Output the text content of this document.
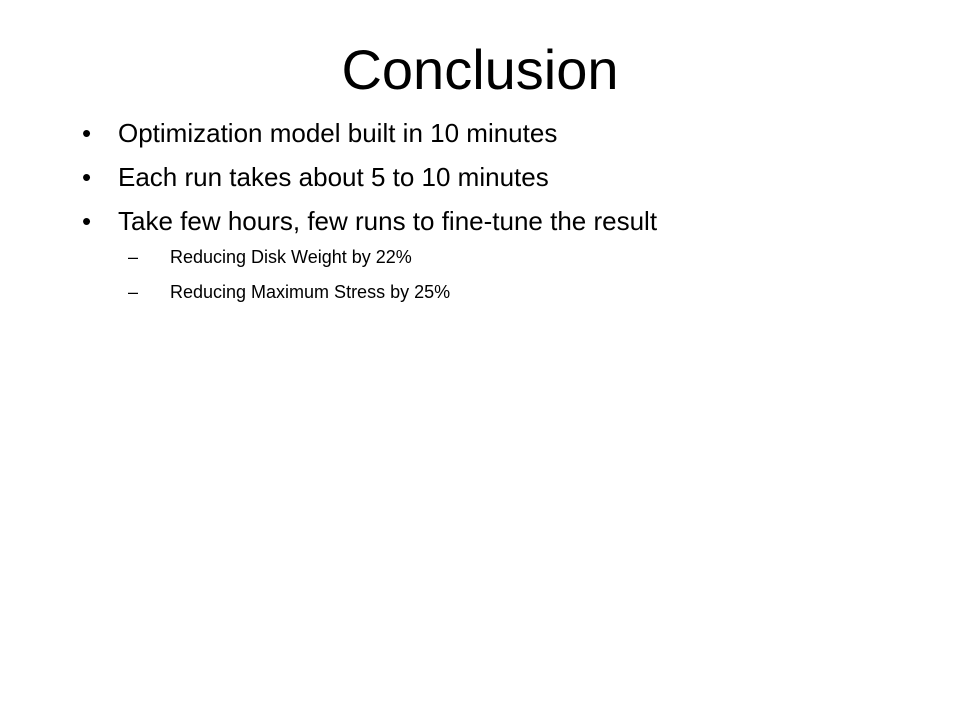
Conclusion
•	Optimization model built in 10 minutes
•	Each run takes about 5 to 10 minutes
•	Take few hours, few runs to fine-tune the result
– Reducing Disk Weight by 22%
– Reducing Maximum Stress by 25%
